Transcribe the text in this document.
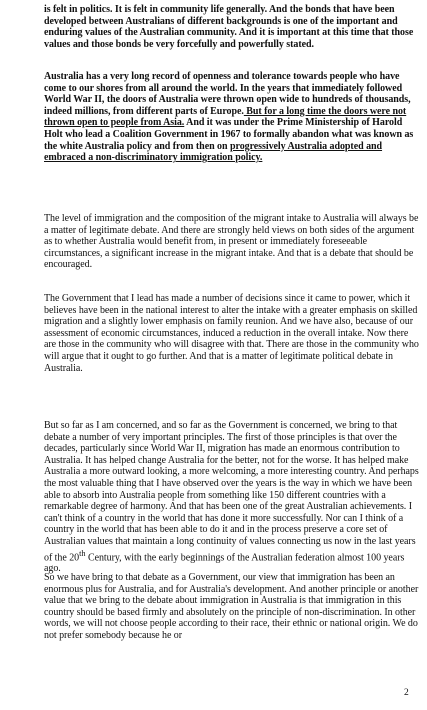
is felt in politics. It is felt in community life generally. And the bonds that have been developed between Australians of different backgrounds is one of the important and enduring values of the Australian community. And it is important at this time that those values and those bonds be very forcefully and powerfully stated.

Australia has a very long record of openness and tolerance towards people who have come to our shores from all around the world. In the years that immediately followed World War II, the doors of Australia were thrown open wide to hundreds of thousands, indeed millions, from different parts of Europe. But for a long time the doors were not thrown open to people from Asia. And it was under the Prime Ministership of Harold Holt who lead a Coalition Government in 1967 to formally abandon what was known as the white Australia policy and from then on progressively Australia adopted and embraced a non-discriminatory immigration policy.

The level of immigration and the composition of the migrant intake to Australia will always be a matter of legitimate debate. And there are strongly held views on both sides of the argument as to whether Australia would benefit from, in present or immediately foreseeable circumstances, a significant increase in the migrant intake. And that is a debate that should be encouraged.

The Government that I lead has made a number of decisions since it came to power, which it believes have been in the national interest to alter the intake with a greater emphasis on skilled migration and a slightly lower emphasis on family reunion. And we have also, because of our assessment of economic circumstances, induced a reduction in the overall intake. Now there are those in the community who will disagree with that. There are those in the community who will argue that it ought to go further. And that is a matter of legitimate political debate in Australia.

But so far as I am concerned, and so far as the Government is concerned, we bring to that debate a number of very important principles. The first of those principles is that over the decades, particularly since World War II, migration has made an enormous contribution to Australia. It has helped change Australia for the better, not for the worse. It has helped make Australia a more outward looking, a more welcoming, a more interesting country. And perhaps the most valuable thing that I have observed over the years is the way in which we have been able to absorb into Australia people from something like 150 different countries with a remarkable degree of harmony. And that has been one of the great Australian achievements. I can't think of a country in the world that has done it more successfully. Nor can I think of a country in the world that has been able to do it and in the process preserve a core set of Australian values that maintain a long continuity of values connecting us now in the last years of the 20th Century, with the early beginnings of the Australian federation almost 100 years ago.

So we have bring to that debate as a Government, our view that immigration has been an enormous plus for Australia, and for Australia's development. And another principle or another value that we bring to the debate about immigration in Australia is that immigration in this country should be based firmly and absolutely on the principle of non-discrimination. In other words, we will not choose people according to their race, their ethnic or national origin. We do not prefer somebody because he or

2
